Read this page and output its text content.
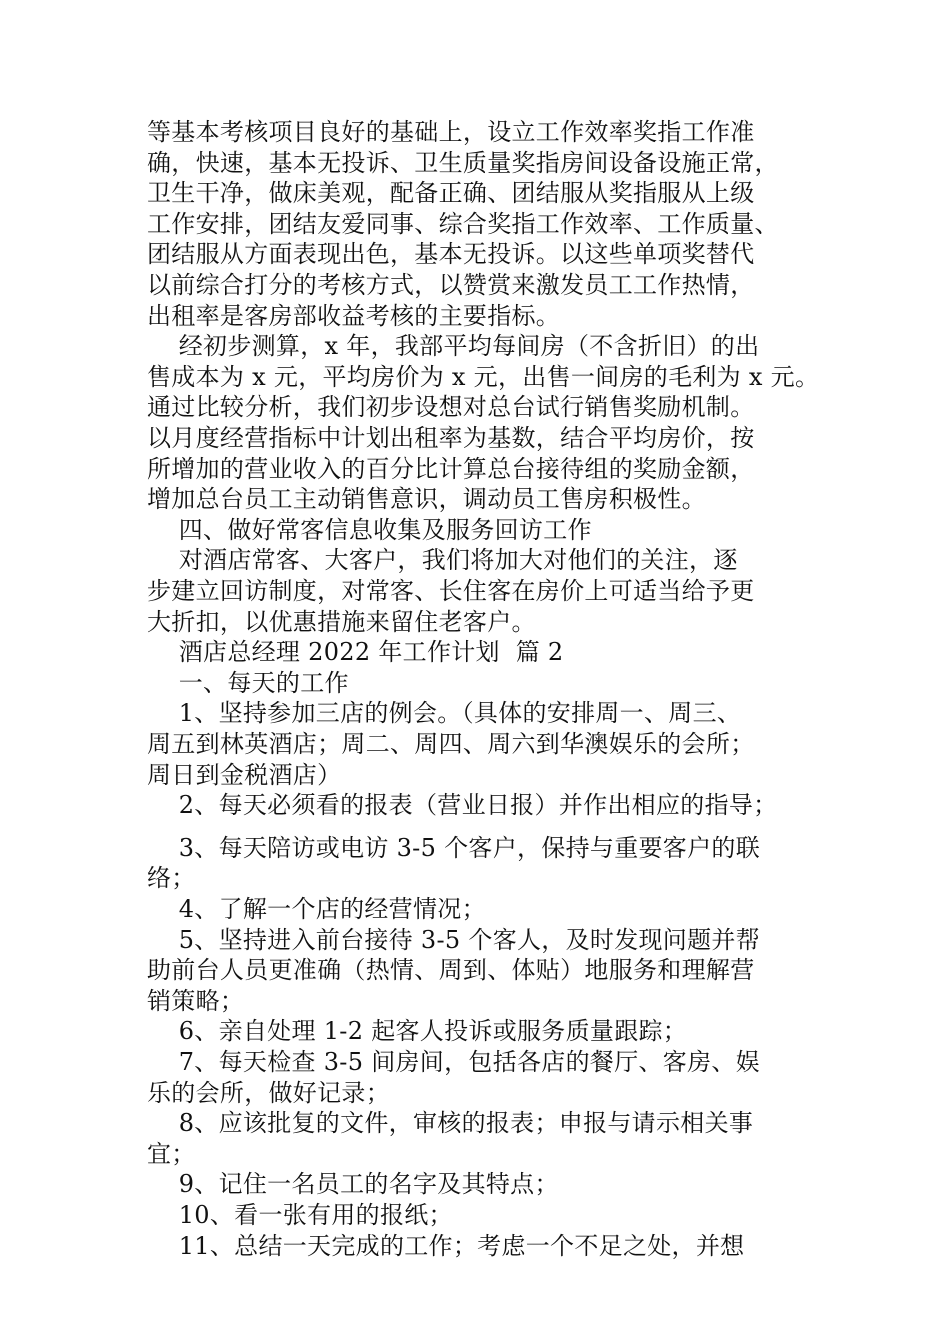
等基本考核项目良好的基础上，设立工作效率奖指工作准
确，快速，基本无投诉、卫生质量奖指房间设备设施正常，
卫生干净，做床美观，配备正确、团结服从奖指服从上级
工作安排，团结友爱同事、综合奖指工作效率、工作质量、
团结服从方面表现出色，基本无投诉。以这些单项奖替代
以前综合打分的考核方式，以赞赏来激发员工工作热情，
出租率是客房部收益考核的主要指标。
经初步测算，x 年，我部平均每间房（不含折旧）的出
售成本为 x 元，平均房价为 x 元，出售一间房的毛利为 x 元。
通过比较分析，我们初步设想对总台试行销售奖励机制。
以月度经营指标中计划出租率为基数，结合平均房价，按
所增加的营业收入的百分比计算总台接待组的奖励金额，
增加总台员工主动销售意识，调动员工售房积极性。
四、做好常客信息收集及服务回访工作
对酒店常客、大客户，我们将加大对他们的关注，逐
步建立回访制度，对常客、长住客在房价上可适当给予更
大折扣，以优惠措施来留住老客户。
酒店总经理 2022 年工作计划  篇 2
一、每天的工作
1、坚持参加三店的例会。（具体的安排周一、周三、
周五到林英酒店；周二、周四、周六到华澳娱乐的会所；
周日到金税酒店）
2、每天必须看的报表（营业日报）并作出相应的指导；
3、每天陪访或电访 3-5 个客户，保持与重要客户的联
络；
4、了解一个店的经营情况；
5、坚持进入前台接待 3-5 个客人，及时发现问题并帮
助前台人员更准确（热情、周到、体贴）地服务和理解营
销策略；
6、亲自处理 1-2 起客人投诉或服务质量跟踪；
7、每天检查 3-5 间房间，包括各店的餐厅、客房、娱
乐的会所，做好记录；
8、应该批复的文件，审核的报表；申报与请示相关事
宜；
9、记住一名员工的名字及其特点；
10、看一张有用的报纸；
11、总结一天完成的工作；考虑一个不足之处，并想
